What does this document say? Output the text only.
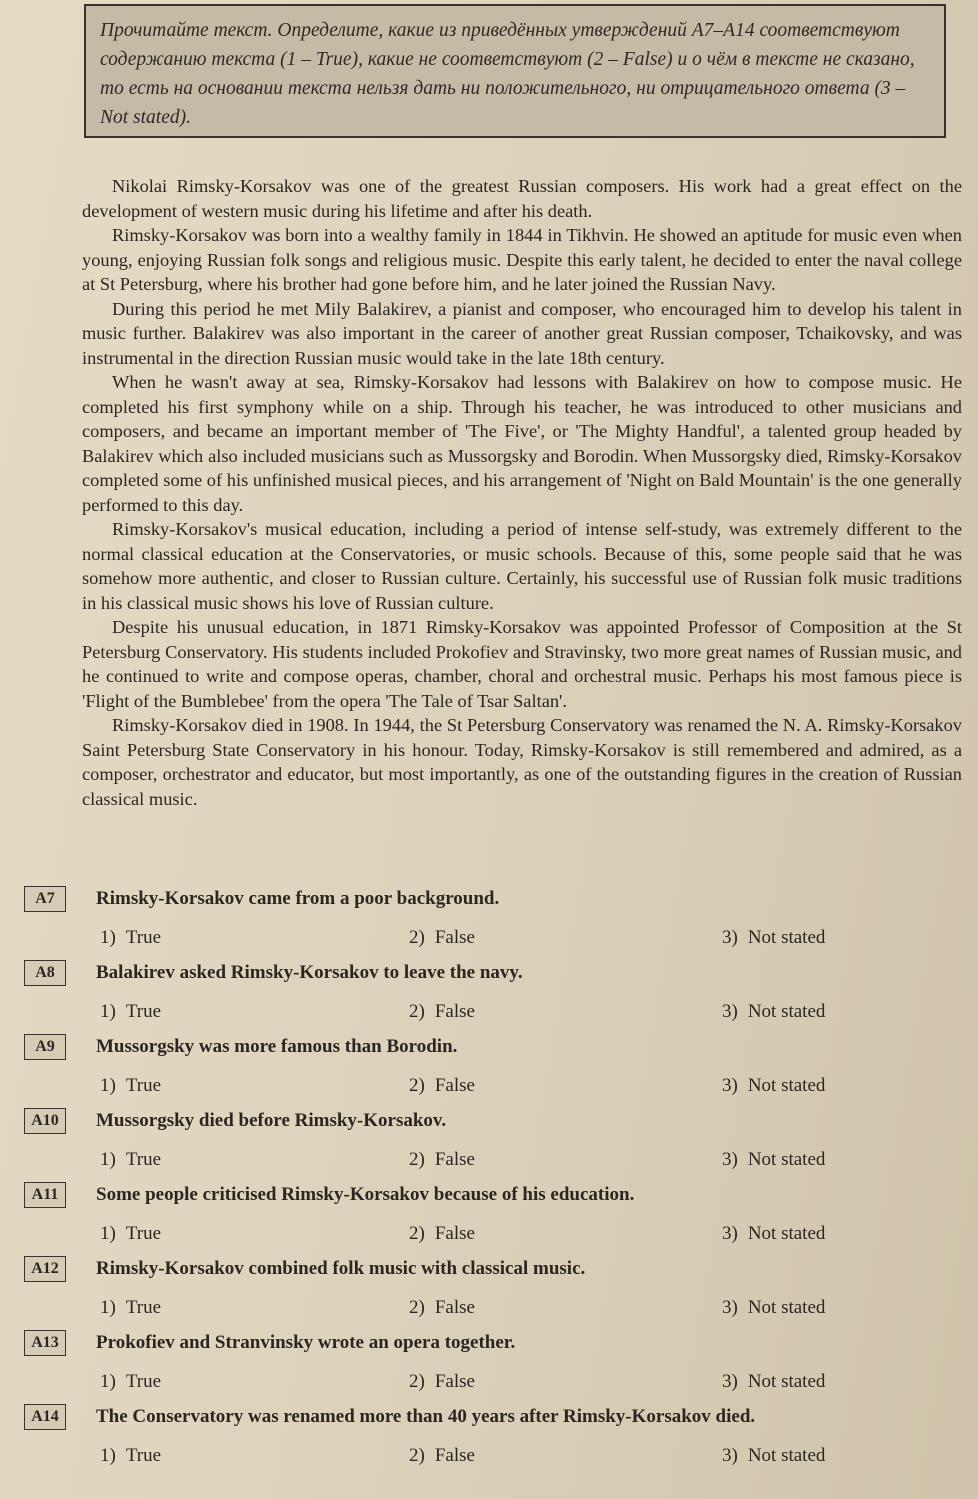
Прочитайте текст. Определите, какие из приведённых утверждений A7–A14 соответствуют содержанию текста (1 – True), какие не соответствуют (2 – False) и о чём в тексте не сказано, то есть на основании текста нельзя дать ни положительного, ни отрицательного ответа (3 – Not stated).

Nikolai Rimsky-Korsakov was one of the greatest Russian composers. His work had a great effect on the development of western music during his lifetime and after his death.

Rimsky-Korsakov was born into a wealthy family in 1844 in Tikhvin. He showed an aptitude for music even when young, enjoying Russian folk songs and religious music. Despite this early talent, he decided to enter the naval college at St Petersburg, where his brother had gone before him, and he later joined the Russian Navy.

During this period he met Mily Balakirev, a pianist and composer, who encouraged him to develop his talent in music further. Balakirev was also important in the career of another great Russian composer, Tchaikovsky, and was instrumental in the direction Russian music would take in the late 18th century.

When he wasn't away at sea, Rimsky-Korsakov had lessons with Balakirev on how to compose music. He completed his first symphony while on a ship. Through his teacher, he was introduced to other musicians and composers, and became an important member of 'The Five', or 'The Mighty Handful', a talented group headed by Balakirev which also included musicians such as Mussorgsky and Borodin. When Mussorgsky died, Rimsky-Korsakov completed some of his unfinished musical pieces, and his arrangement of 'Night on Bald Mountain' is the one generally performed to this day.

Rimsky-Korsakov's musical education, including a period of intense self-study, was extremely different to the normal classical education at the Conservatories, or music schools. Because of this, some people said that he was somehow more authentic, and closer to Russian culture. Certainly, his successful use of Russian folk music traditions in his classical music shows his love of Russian culture.

Despite his unusual education, in 1871 Rimsky-Korsakov was appointed Professor of Composition at the St Petersburg Conservatory. His students included Prokofiev and Stravinsky, two more great names of Russian music, and he continued to write and compose operas, chamber, choral and orchestral music. Perhaps his most famous piece is 'Flight of the Bumblebee' from the opera 'The Tale of Tsar Saltan'.

Rimsky-Korsakov died in 1908. In 1944, the St Petersburg Conservatory was renamed the N. A. Rimsky-Korsakov Saint Petersburg State Conservatory in his honour. Today, Rimsky-Korsakov is still remembered and admired, as a composer, orchestrator and educator, but most importantly, as one of the outstanding figures in the creation of Russian classical music.

A7	Rimsky-Korsakov came from a poor background.
1) True	2) False	3) Not stated
A8	Balakirev asked Rimsky-Korsakov to leave the navy.
1) True	2) False	3) Not stated
A9	Mussorgsky was more famous than Borodin.
1) True	2) False	3) Not stated
A10	Mussorgsky died before Rimsky-Korsakov.
1) True	2) False	3) Not stated
A11	Some people criticised Rimsky-Korsakov because of his education.
1) True	2) False	3) Not stated
A12	Rimsky-Korsakov combined folk music with classical music.
1) True	2) False	3) Not stated
A13	Prokofiev and Stranvinsky wrote an opera together.
1) True	2) False	3) Not stated
A14	The Conservatory was renamed more than 40 years after Rimsky-Korsakov died.
1) True	2) False	3) Not stated
